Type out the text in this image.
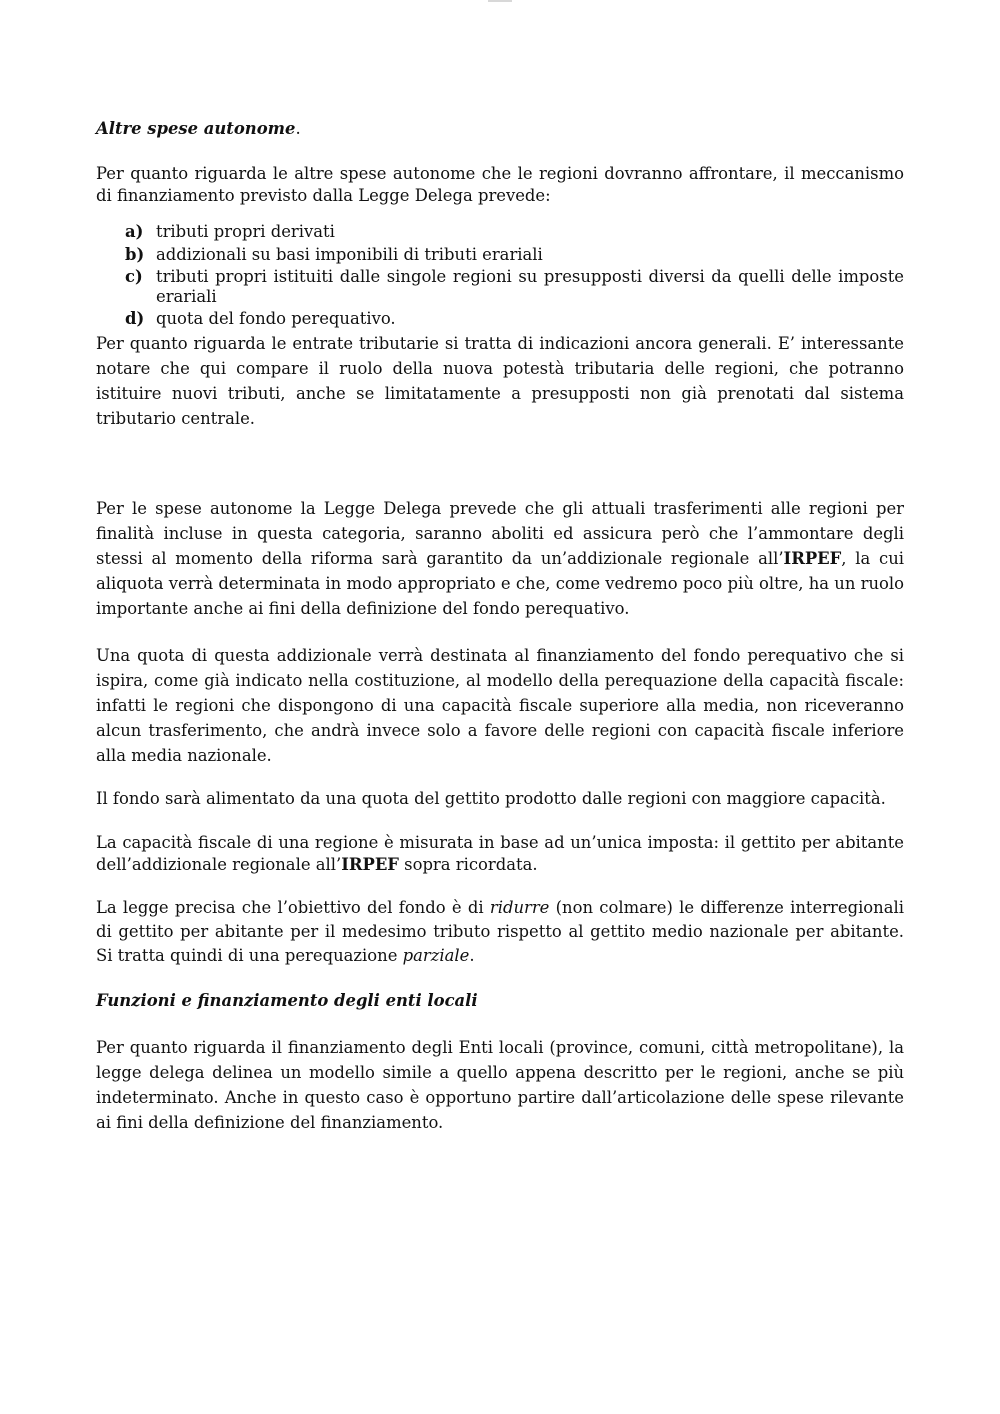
Altre spese autonome.

Per quanto riguarda le altre spese autonome che le regioni dovranno affrontare, il meccanismo di finanziamento previsto dalla Legge Delega prevede:

a) tributi propri derivati
b) addizionali su basi imponibili di tributi erariali
c) tributi propri istituiti dalle singole regioni su presupposti diversi da quelli delle imposte erariali
d) quota del fondo perequativo.

Per quanto riguarda le entrate tributarie si tratta di indicazioni ancora generali. E’ interessante notare che qui compare il ruolo della nuova potestà tributaria delle regioni, che potranno istituire nuovi tributi, anche se limitatamente a presupposti non già prenotati dal sistema tributario centrale.

Per le spese autonome la Legge Delega prevede che gli attuali trasferimenti alle regioni per finalità incluse in questa categoria, saranno aboliti ed assicura però che l’ammontare degli stessi al momento della riforma sarà garantito da un’addizionale regionale all’IRPEF, la cui aliquota verrà determinata in modo appropriato e che, come vedremo poco più oltre, ha un ruolo importante anche ai fini della definizione del fondo perequativo.

Una quota di questa addizionale verrà destinata al finanziamento del fondo perequativo che si ispira, come già indicato nella costituzione, al modello della perequazione della capacità fiscale: infatti le regioni che dispongono di una capacità fiscale superiore alla media, non riceveranno alcun trasferimento, che andrà invece solo a favore delle regioni con capacità fiscale inferiore alla media nazionale.

Il fondo sarà alimentato da una quota del gettito prodotto dalle regioni con maggiore capacità.

La capacità fiscale di una regione è misurata in base ad un’unica imposta: il gettito per abitante dell’addizionale regionale all’IRPEF sopra ricordata.

La legge precisa che l’obiettivo del fondo è di ridurre (non colmare) le differenze interregionali di gettito per abitante per il medesimo tributo rispetto al gettito medio nazionale per abitante. Si tratta quindi di una perequazione parziale.

Funzioni e finanziamento degli enti locali

Per quanto riguarda il finanziamento degli Enti locali (province, comuni, città metropolitane), la legge delega delinea un modello simile a quello appena descritto per le regioni, anche se più indeterminato. Anche in questo caso è opportuno partire dall’articolazione delle spese rilevante ai fini della definizione del finanziamento.
